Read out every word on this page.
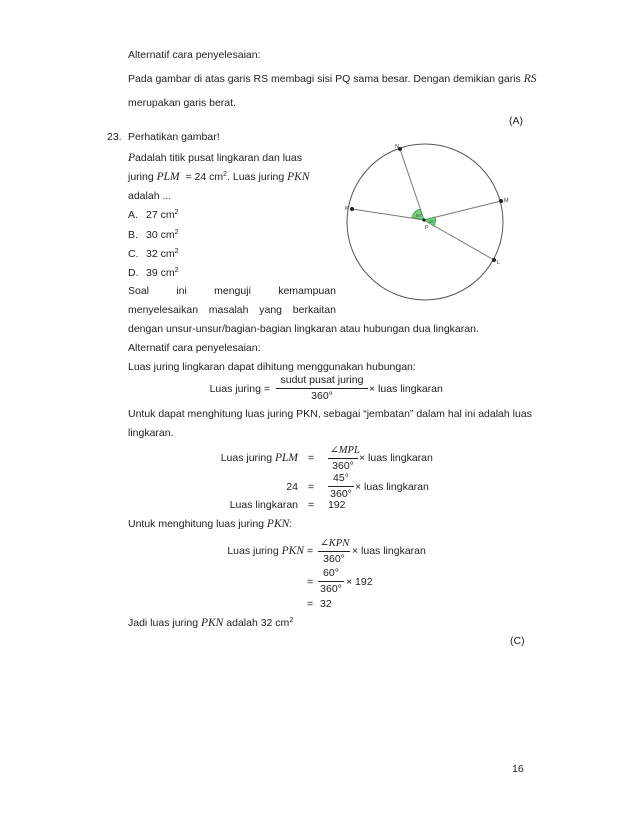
Alternatif cara penyelesaian:
Pada gambar di atas garis RS membagi sisi PQ sama besar. Dengan demikian garis RS
merupakan garis berat.
(A)
23. Perhatikan gambar!
Padalah titik pusat lingkaran dan luas
juring PLM = 24 $cm^2$. Luas juring PKN
adalah ...
A. 27 $cm^2$
B. 30 $cm^2$
C. 32 $cm^2$
D. 39 $cm^2$
Soal	ini	menguji	kemampuan
menyelesaikan masalah yang berkaitan
dengan unsur-unsur/bagian-bagian lingkaran atau hubungan dua lingkaran.
60°
45°
N
K
M
L
P
Alternatif cara penyelesaian:
Luas juring lingkaran dapat dihitung menggunakan hubungan:
Luas juring =
sudut pusat juring
360°
× luas lingkaran
Untuk dapat menghitung luas juring PKN, sebagai “jembatan” dalam hal ini adalah luas
lingkaran.
Luas juring PLM =
∠MPL
360°
× luas lingkaran
$24 = \frac{45^\circ}{360^\circ}$ × luas lingkaran
Luas lingkaran = 192
Untuk menghitung luas juring PKN:
Luas juring PKN =
∠KPN
360°
× luas lingkaran
= $\frac{60^\circ}{360^\circ} \times 192$
= 32
Jadi luas juring PKN adalah 32 $cm^2$
(C)
16
